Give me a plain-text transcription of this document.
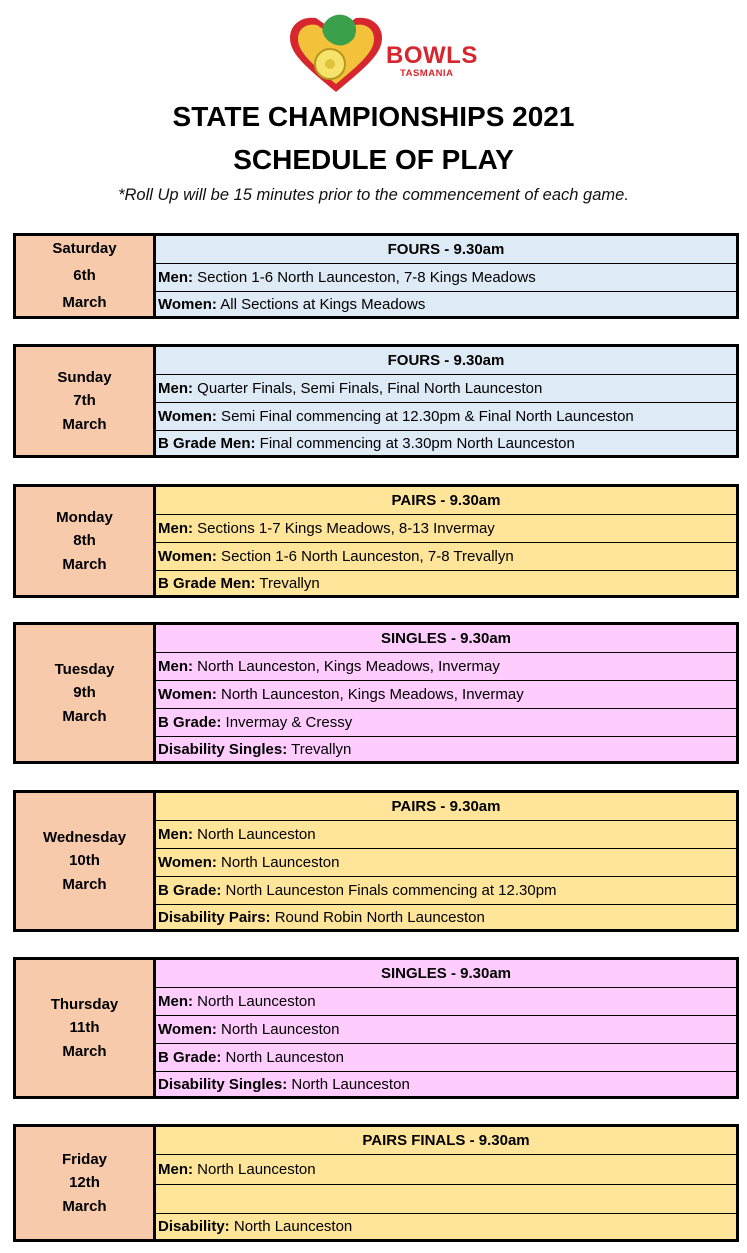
BOWLS
TASMANIA
STATE CHAMPIONSHIPS 2021
SCHEDULE OF PLAY
*Roll Up will be 15 minutes prior to the commencement of each game.
Saturday
6th
March
FOURS - 9.30am
Men: Section 1-6 North Launceston, 7-8 Kings Meadows
Women: All Sections at Kings Meadows
Sunday
7th
March
FOURS - 9.30am
Men: Quarter Finals, Semi Finals, Final North Launceston
Women: Semi Final commencing at 12.30pm & Final North Launceston
B Grade Men: Final commencing at 3.30pm North Launceston
Monday
8th
March
PAIRS - 9.30am
Men: Sections 1-7 Kings Meadows, 8-13 Invermay
Women: Section 1-6 North Launceston, 7-8 Trevallyn
B Grade Men: Trevallyn
Tuesday
9th
March
SINGLES - 9.30am
Men: North Launceston, Kings Meadows, Invermay
Women: North Launceston, Kings Meadows, Invermay
B Grade: Invermay & Cressy
Disability Singles: Trevallyn
Wednesday
10th
March
PAIRS - 9.30am
Men: North Launceston
Women: North Launceston
B Grade: North Launceston Finals commencing at 12.30pm
Disability Pairs: Round Robin North Launceston
Thursday
11th
March
SINGLES - 9.30am
Men: North Launceston
Women: North Launceston
B Grade: North Launceston
Disability Singles: North Launceston
Friday
12th
March
PAIRS FINALS - 9.30am
Men: North Launceston
Disability: North Launceston
